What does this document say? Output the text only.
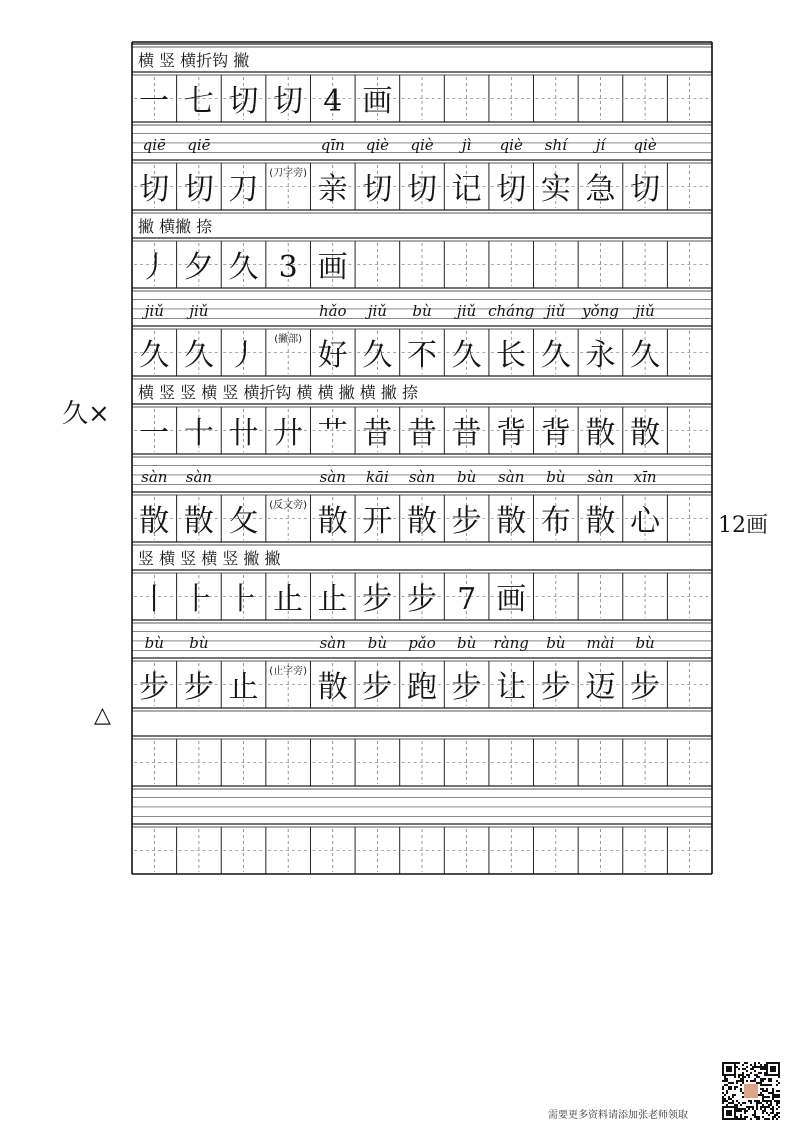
横 竖 横折钩 撇
一 七 切 切 4 画
qiē qiē	qīn qiè qiè jì qiè shí jí qiè
切 切 刀 亲 切 切 记 切 实 急 切
(刀字旁)
撇 横撇 捺
丿 夕 久 3 画
jiǔ jiǔ	hǎo jiǔ bù jiǔ cháng jiǔ yǒng jiǔ
久 久 丿 好 久 不 久 长 久 永 久
(撇部)
横 竖 竖 横 竖 横折钩 横 横 撇 横 撇 捺
一 十 卄 廾 艹 昔 昔 昔 背 背 散 散
sàn sàn	sàn kāi sàn bù sàn bù sàn xīn
散 散 攵 散 开 散 步 散 布 散 心
(反文旁)
竖 横 竖 横 竖 撇 撇
丨 ⺊ ⺊ 止 止 步 步 7 画
bù bù	sàn bù pǎo bù ràng bù mài bù
步 步 止 散 步 跑 步 让 步 迈 步
(止字旁)
久×
12画
△
需要更多资料请添加张老师领取
